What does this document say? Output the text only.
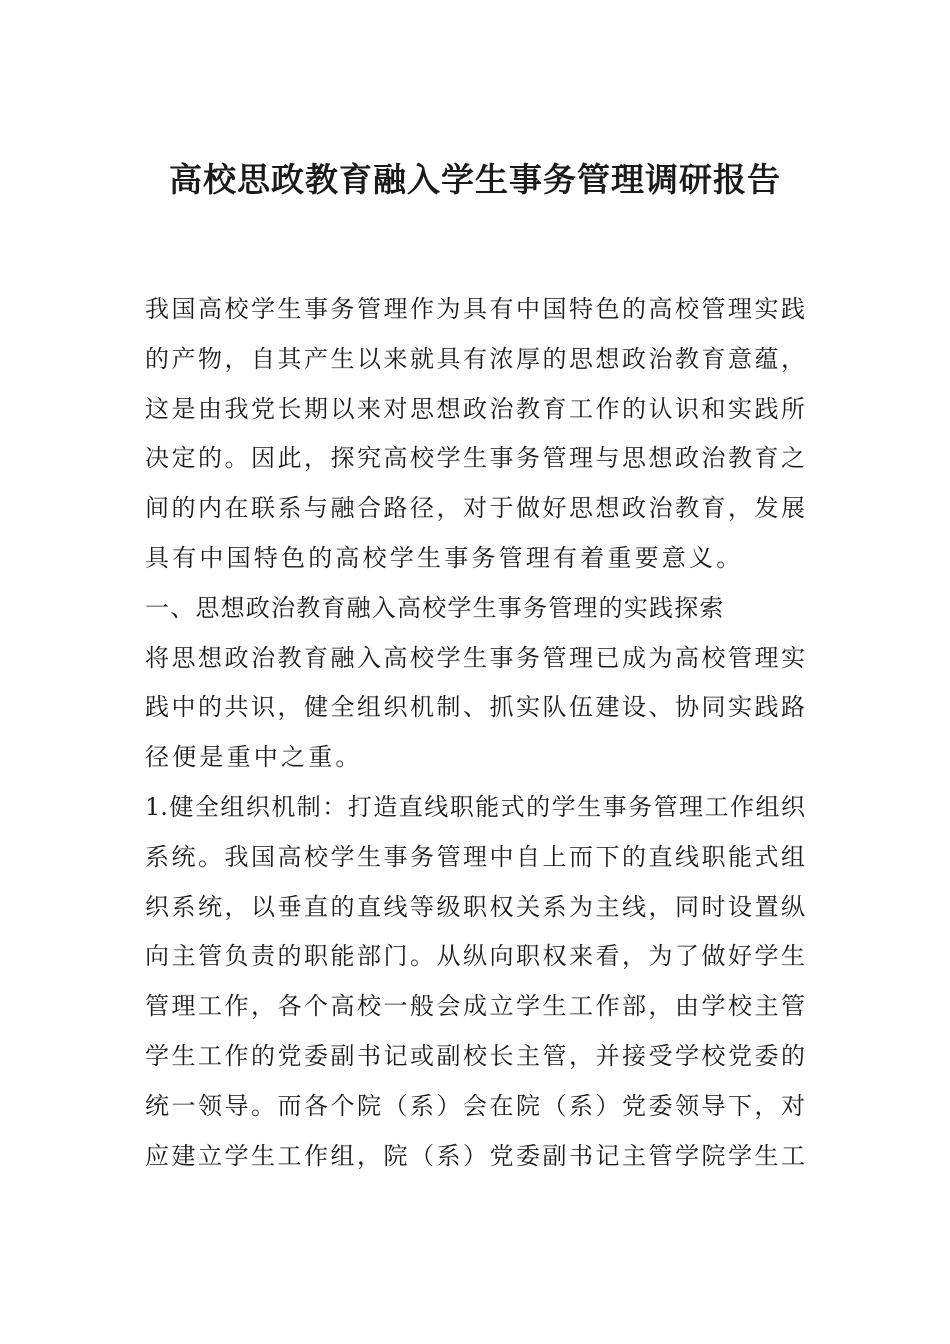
高校思政教育融入学生事务管理调研报告

我国高校学生事务管理作为具有中国特色的高校管理实践

的产物，自其产生以来就具有浓厚的思想政治教育意蕴，

这是由我党长期以来对思想政治教育工作的认识和实践所

决定的。因此，探究高校学生事务管理与思想政治教育之

间的内在联系与融合路径，对于做好思想政治教育，发展

具有中国特色的高校学生事务管理有着重要意义。

一、思想政治教育融入高校学生事务管理的实践探索

将思想政治教育融入高校学生事务管理已成为高校管理实

践中的共识，健全组织机制、抓实队伍建设、协同实践路

径便是重中之重。

1.健全组织机制：打造直线职能式的学生事务管理工作组织

系统。我国高校学生事务管理中自上而下的直线职能式组

织系统，以垂直的直线等级职权关系为主线，同时设置纵

向主管负责的职能部门。从纵向职权来看，为了做好学生

管理工作，各个高校一般会成立学生工作部，由学校主管

学生工作的党委副书记或副校长主管，并接受学校党委的

统一领导。而各个院（系）会在院（系）党委领导下，对

应建立学生工作组，院（系）党委副书记主管学院学生工
